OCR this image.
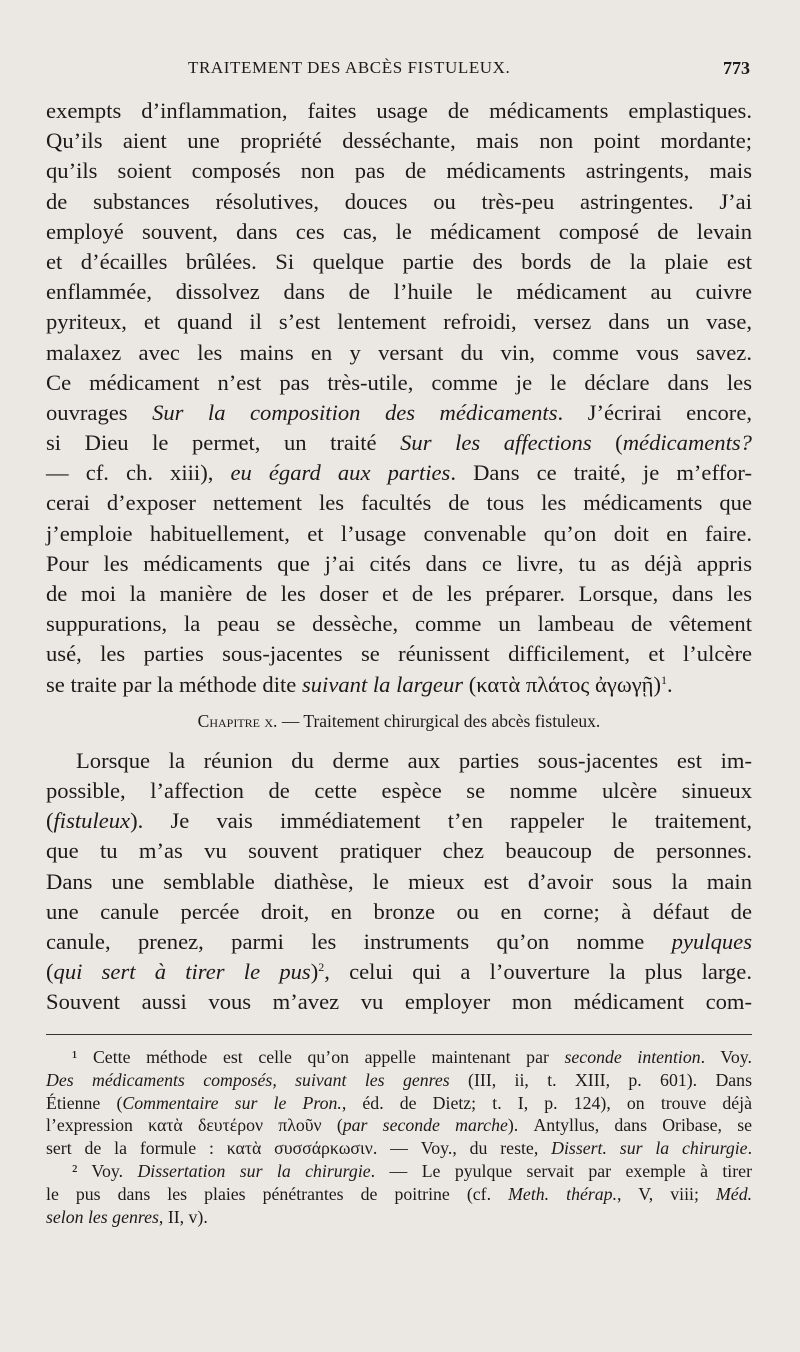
TRAITEMENT DES ABCÈS FISTULEUX.	773
exempts d’inflammation, faites usage de médicaments emplastiques.
Qu’ils aient une propriété desséchante, mais non point mordante;
qu’ils soient composés non pas de médicaments astringents, mais
de substances résolutives, douces ou très-peu astringentes. J’ai
employé souvent, dans ces cas, le médicament composé de levain
et d’écailles brûlées. Si quelque partie des bords de la plaie est
enflammée, dissolvez dans de l’huile le médicament au cuivre
pyriteux, et quand il s’est lentement refroidi, versez dans un vase,
malaxez avec les mains en y versant du vin, comme vous savez.
Ce médicament n’est pas très-utile, comme je le déclare dans les
ouvrages Sur la composition des médicaments. J’écrirai encore,
si Dieu le permet, un traité Sur les affections (médicaments?
— cf. ch. xiii), eu égard aux parties. Dans ce traité, je m’effor-
cerai d’exposer nettement les facultés de tous les médicaments que
j’emploie habituellement, et l’usage convenable qu’on doit en faire.
Pour les médicaments que j’ai cités dans ce livre, tu as déjà appris
de moi la manière de les doser et de les préparer. Lorsque, dans les
suppurations, la peau se dessèche, comme un lambeau de vêtement
usé, les parties sous-jacentes se réunissent difficilement, et l’ulcère
se traite par la méthode dite suivant la largeur (κατὰ πλάτος ἀγωγῇ)$^1$.
Chapitre x. — Traitement chirurgical des abcès fistuleux.
Lorsque la réunion du derme aux parties sous-jacentes est im-
possible, l’affection de cette espèce se nomme ulcère sinueux
(fistuleux). Je vais immédiatement t’en rappeler le traitement,
que tu m’as vu souvent pratiquer chez beaucoup de personnes.
Dans une semblable diathèse, le mieux est d’avoir sous la main
une canule percée droit, en bronze ou en corne; à défaut de
canule, prenez, parmi les instruments qu’on nomme pyulques
(qui sert à tirer le pus)$^2$, celui qui a l’ouverture la plus large.
Souvent aussi vous m’avez vu employer mon médicament com-
¹ Cette méthode est celle qu’on appelle maintenant par seconde intention. Voy.
Des médicaments composés, suivant les genres (III, ii, t. XIII, p. 601). Dans
Étienne (Commentaire sur le Pron., éd. de Dietz; t. I, p. 124), on trouve déjà
l’expression κατὰ δευτέρον πλοῦν (par seconde marche). Antyllus, dans Oribase, se
sert de la formule : κατὰ συσσάρκωσιν. — Voy., du reste, Dissert. sur la chirurgie.
² Voy. Dissertation sur la chirurgie. — Le pyulque servait par exemple à tirer
le pus dans les plaies pénétrantes de poitrine (cf. Meth. thérap., V, viii; Méd.
selon les genres, II, v).
